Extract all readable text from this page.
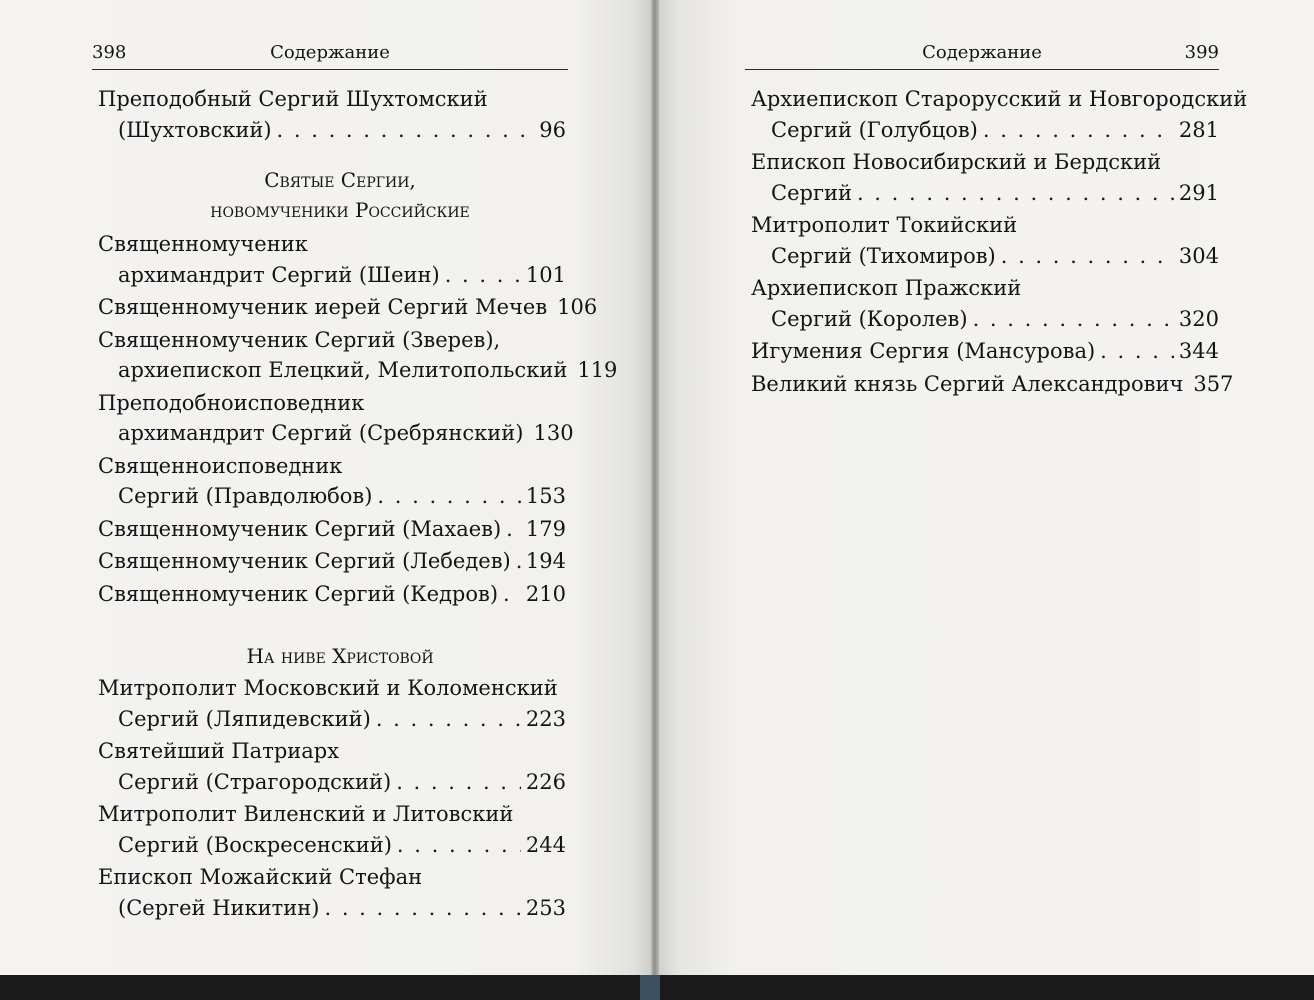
398	Содержание
Преподобный Сергий Шухтомский
(Шухтовский) . . .	96
Святые Сергии,
новомученики Российские
Священномученик
архимандрит Сергий (Шеин) . . .	101
Священномученик иерей Сергий Мечев 106
Священномученик Сергий (Зверев),
архиепископ Елецкий, Мелитопольский 119
Преподобноисповедник
архимандрит Сергий (Сребрянский) 130
Священноисповедник
Сергий (Правдолюбов) . . .	153
Священномученик Сергий (Махаев) . . . 179
Священномученик Сергий (Лебедев) . . . 194
Священномученик Сергий (Кедров) . . . 210
На ниве Христовой
Митрополит Московский и Коломенский
Сергий (Ляпидевский) . . .	223
Святейший Патриарх
Сергий (Страгородский) . . .	226
Митрополит Виленский и Литовский
Сергий (Воскресенский) . . .	244
Епископ Можайский Стефан
(Сергей Никитин) . . .	253
Содержание	399
Архиепископ Старорусский и Новгородский
Сергий (Голубцов) . . .	281
Епископ Новосибирский и Бердский
Сергий . . .	291
Митрополит Токийский
Сергий (Тихомиров) . . .	304
Архиепископ Пражский
Сергий (Королев) . . .	320
Игумения Сергия (Мансурова) . . .	344
Великий князь Сергий Александрович 357
